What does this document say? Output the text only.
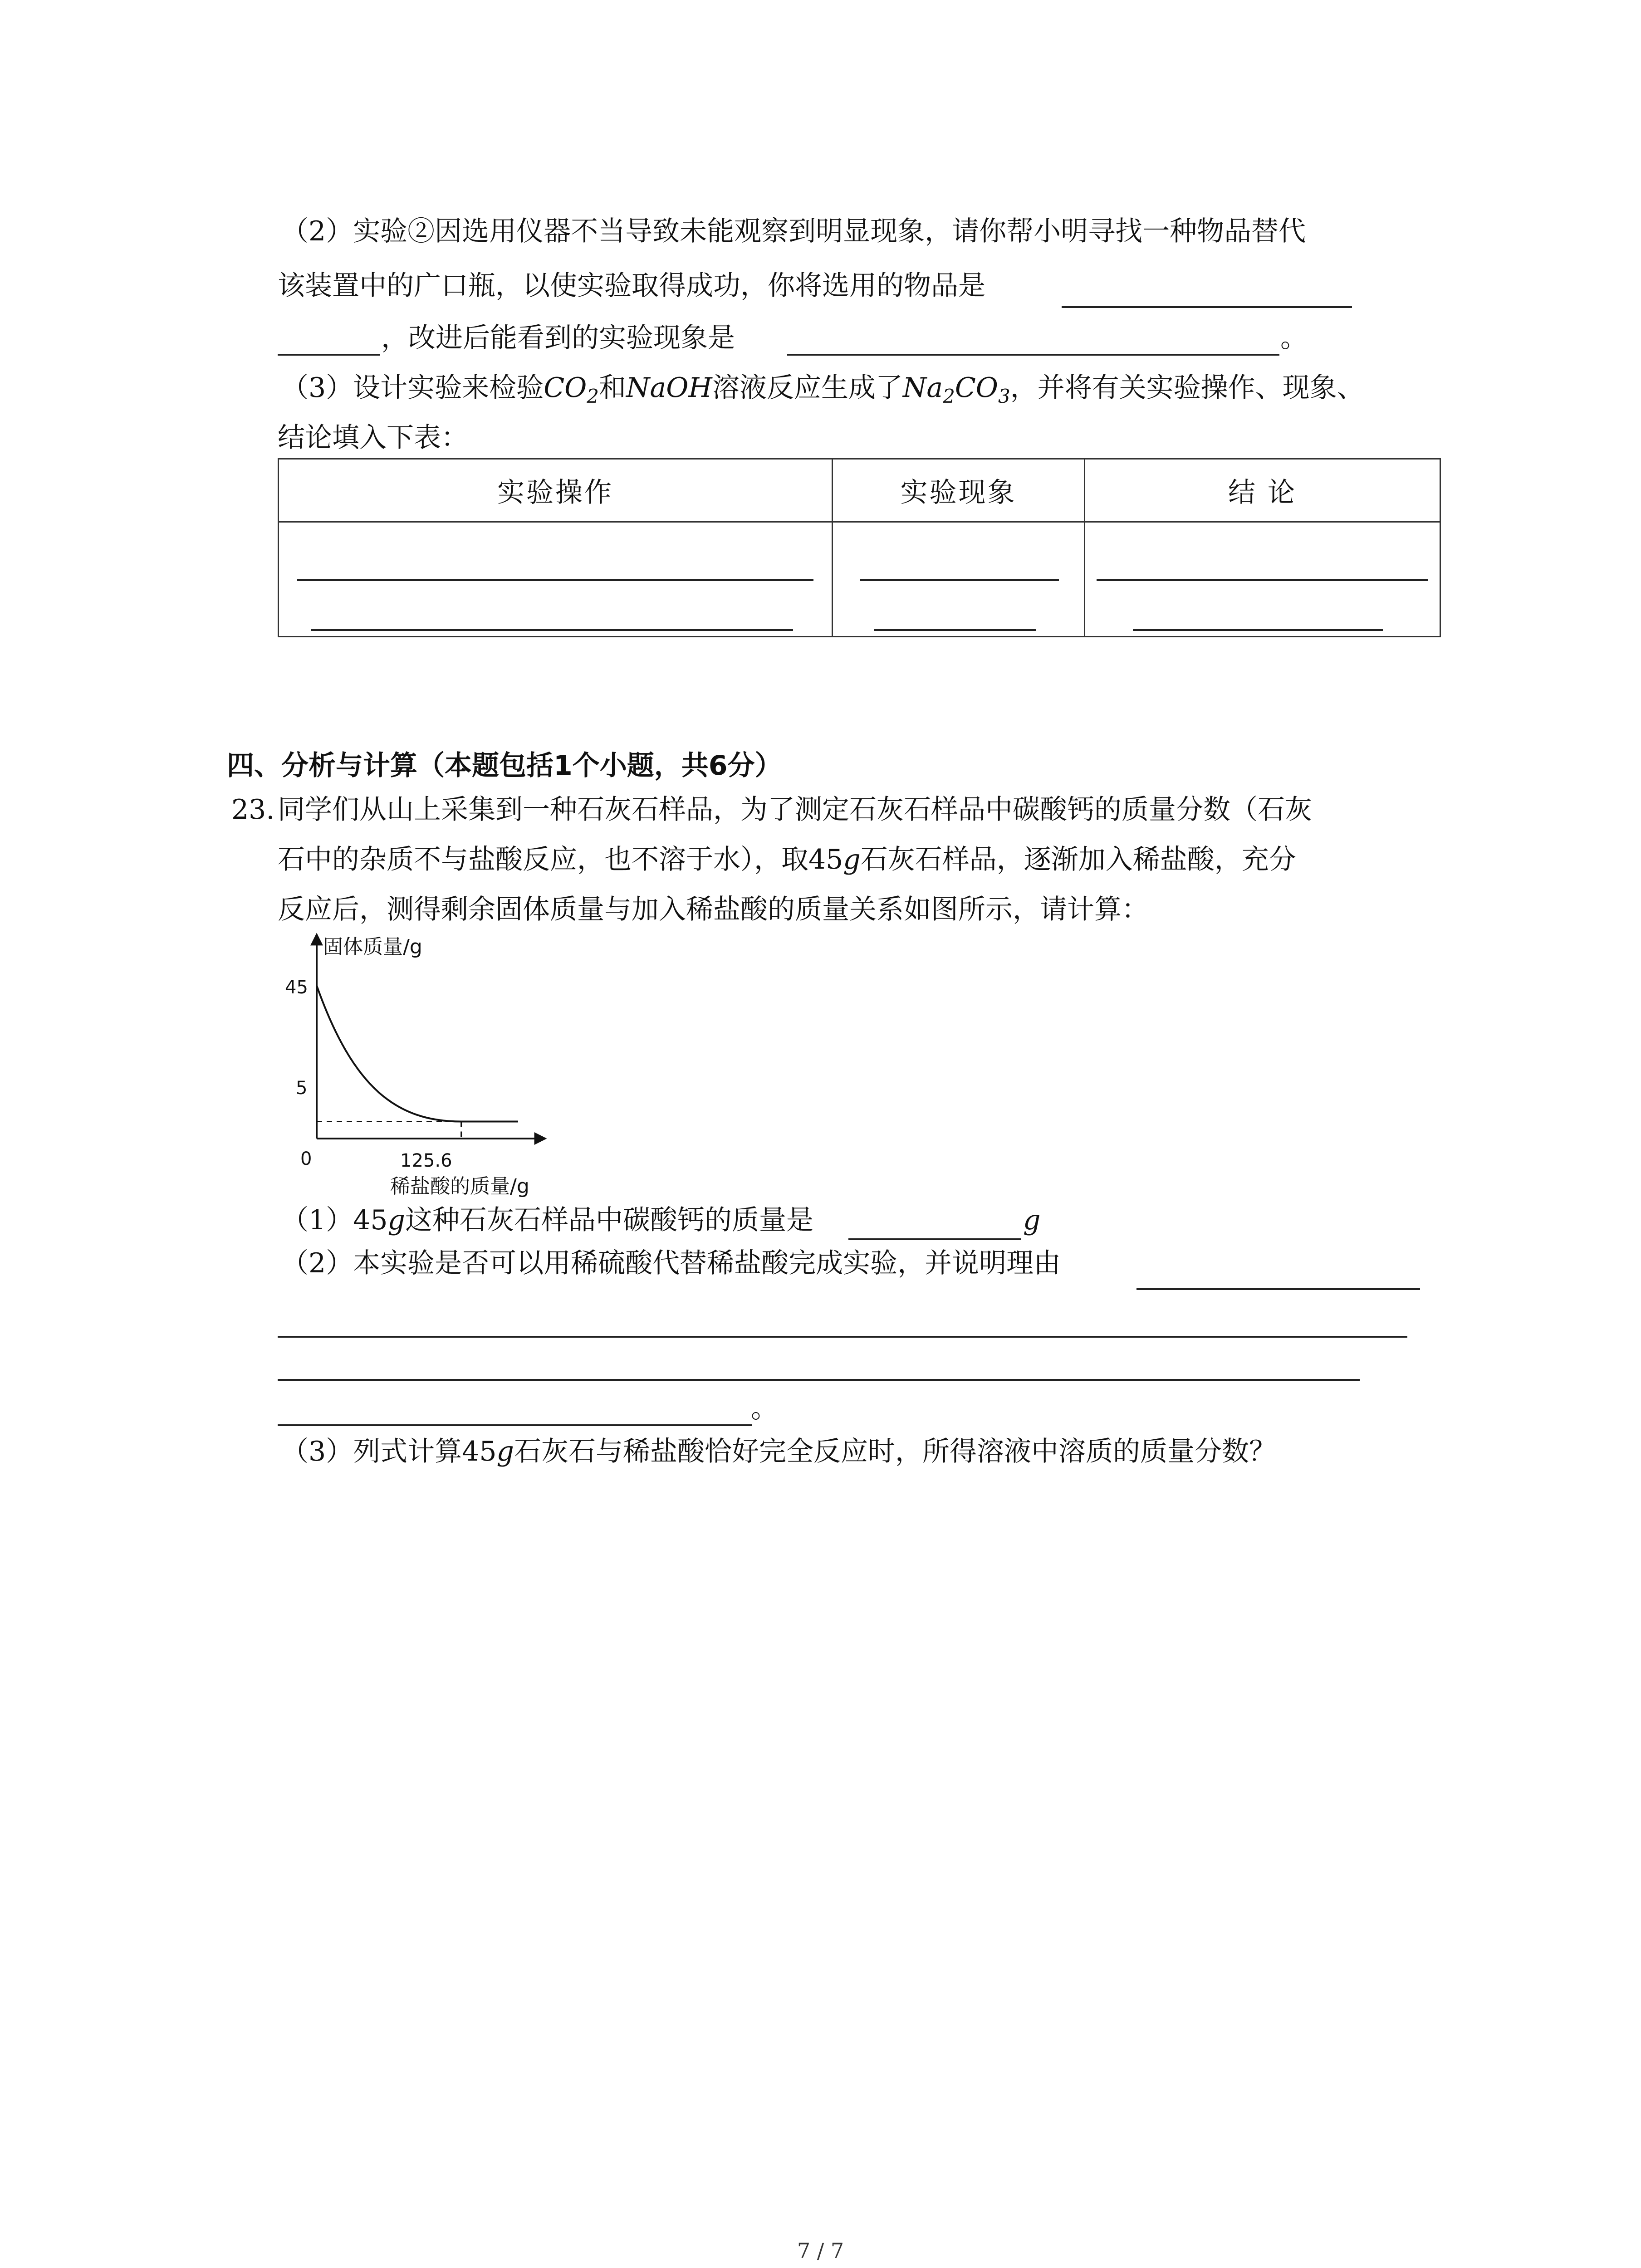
（2）实验②因选用仪器不当导致未能观察到明显现象，请你帮小明寻找一种物品替代
该装置中的广口瓶，以使实验取得成功，你将选用的物品是
，改进后能看到的实验现象是	。
（3）设计实验来检验$CO_2$和NaOH溶液反应生成了$Na_2CO_3$，并将有关实验操作、现象、
结论填入下表：
实验操作	实验现象	结 论

四、分析与计算（本题包括1个小题，共6分）
23. 同学们从山上采集到一种石灰石样品，为了测定石灰石样品中碳酸钙的质量分数（石灰
石中的杂质不与盐酸反应，也不溶于水），取45g石灰石样品，逐渐加入稀盐酸，充分
反应后，测得剩余固体质量与加入稀盐酸的质量关系如图所示，请计算：
固体质量/g
稀盐酸的质量/g
0
45
5
125.6
（1）45g这种石灰石样品中碳酸钙的质量是	g
（2）本实验是否可以用稀硫酸代替稀盐酸完成实验，并说明理由
。
（3）列式计算45g石灰石与稀盐酸恰好完全反应时，所得溶液中溶质的质量分数？
7 / 7
